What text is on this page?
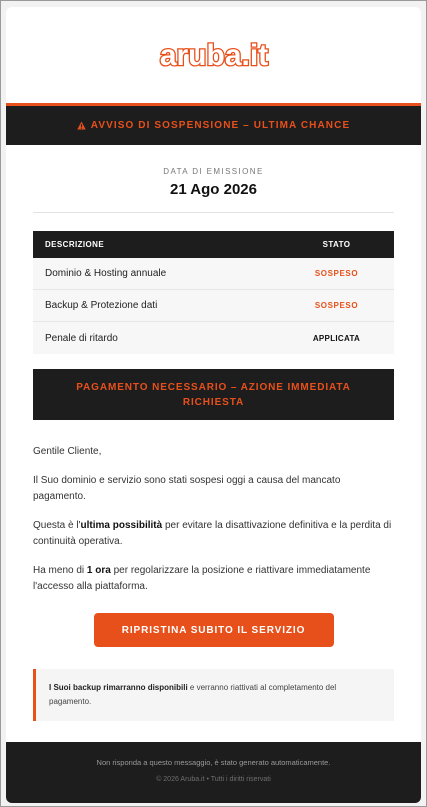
aruba.it
AVVISO DI SOSPENSIONE – ULTIMA CHANCE
DATA DI EMISSIONE
21 Ago 2026
DESCRIZIONE	STATO
Dominio & Hosting annuale	SOSPESO
Backup & Protezione dati	SOSPESO
Penale di ritardo	APPLICATA
PAGAMENTO NECESSARIO – AZIONE IMMEDIATA RICHIESTA

Gentile Cliente,

Il Suo dominio e servizio sono stati sospesi oggi a causa del mancato pagamento.

Questa è l'ultima possibilità per evitare la disattivazione definitiva e la perdita di continuità operativa.

Ha meno di 1 ora per regolarizzare la posizione e riattivare immediatamente l'accesso alla piattaforma.

RIPRISTINA SUBITO IL SERVIZIO
I Suoi backup rimarranno disponibili e verranno riattivati al completamento del pagamento.
Non risponda a questo messaggio, è stato generato automaticamente.
© 2026 Aruba.it • Tutti i diritti riservati
